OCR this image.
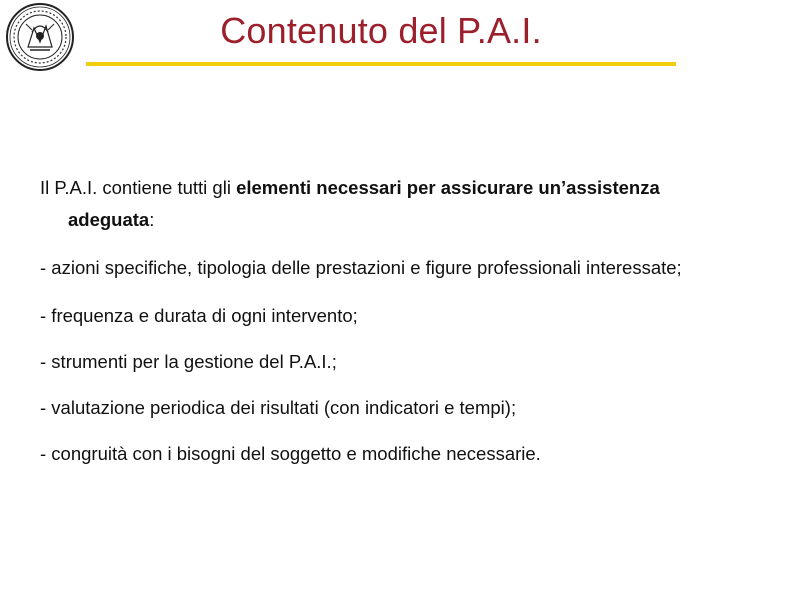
Contenuto del P.A.I.

Il P.A.I. contiene tutti gli elementi necessari per assicurare un’assistenza adeguata:

- azioni specifiche, tipologia delle prestazioni e figure professionali interessate;

- frequenza e durata di ogni intervento;

- strumenti per la gestione del P.A.I.;

- valutazione periodica dei risultati (con indicatori e tempi);

- congruità con i bisogni del soggetto e modifiche necessarie.
